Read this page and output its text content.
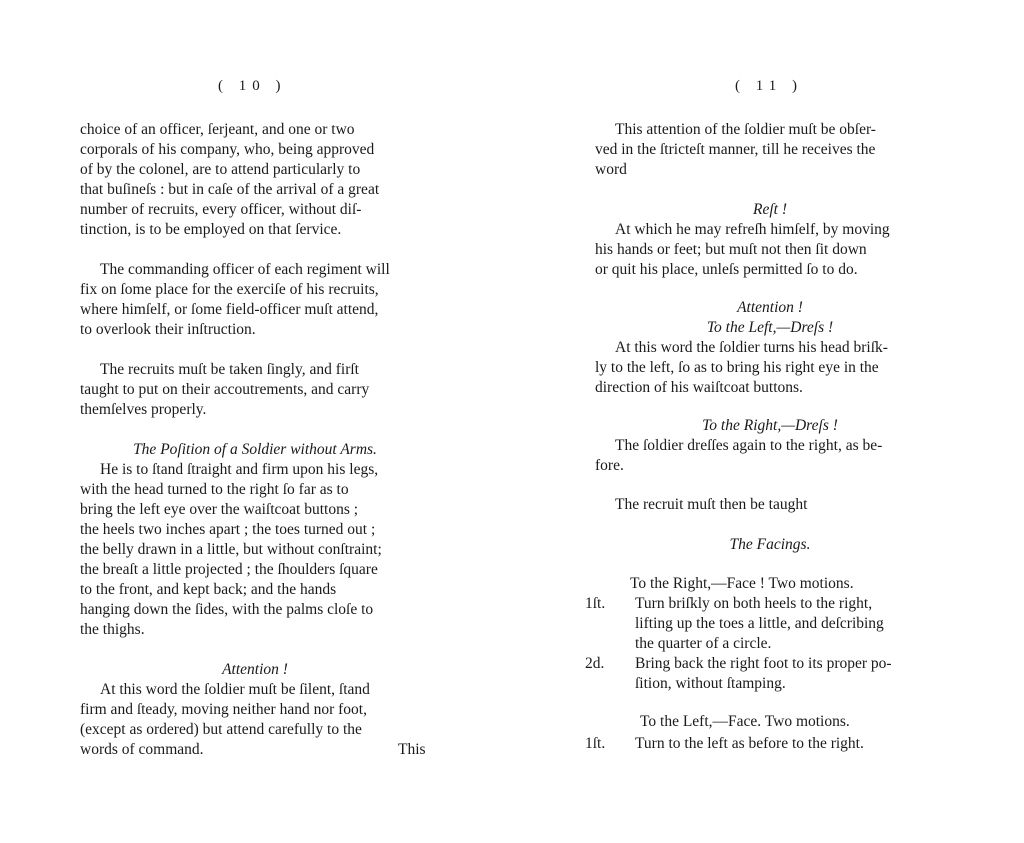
( 10 )
choice of an officer, ſerjeant, and one or two
corporals of his company, who, being approved
of by the colonel, are to attend particularly to
that buſineſs : but in caſe of the arrival of a great
number of recruits, every officer, without diſ-
tinction, is to be employed on that ſervice.
The commanding officer of each regiment will
fix on ſome place for the exerciſe of his recruits,
where himſelf, or ſome field-officer muſt attend,
to overlook their inſtruction.
The recruits muſt be taken ſingly, and firſt
taught to put on their accoutrements, and carry
themſelves properly.
The Poſition of a Soldier without Arms.
He is to ſtand ſtraight and firm upon his legs,
with the head turned to the right ſo far as to
bring the left eye over the waiſtcoat buttons ;
the heels two inches apart ; the toes turned out ;
the belly drawn in a little, but without conſtraint;
the breaſt a little projected ; the ſhoulders ſquare
to the front, and kept back; and the hands
hanging down the ſides, with the palms cloſe to
the thighs.
Attention !
At this word the ſoldier muſt be ſilent, ſtand
firm and ſteady, moving neither hand nor foot,
(except as ordered) but attend carefully to the
words of command.	This
( 11 )
This attention of the ſoldier muſt be obſer-
ved in the ſtricteſt manner, till he receives the
word
Reſt !
At which he may refreſh himſelf, by moving
his hands or feet; but muſt not then ſit down
or quit his place, unleſs permitted ſo to do.
Attention !
To the Left,—Dreſs !
At this word the ſoldier turns his head briſk-
ly to the left, ſo as to bring his right eye in the
direction of his waiſtcoat buttons.
To the Right,—Dreſs !
The ſoldier dreſſes again to the right, as be-
fore.
The recruit muſt then be taught
The Facings.
To the Right,—Face ! Two motions.
1ſt. Turn briſkly on both heels to the right,
lifting up the toes a little, and deſcribing
the quarter of a circle.
2d. Bring back the right foot to its proper po-
ſition, without ſtamping.
To the Left,—Face. Two motions.
1ſt. Turn to the left as before to the right.
